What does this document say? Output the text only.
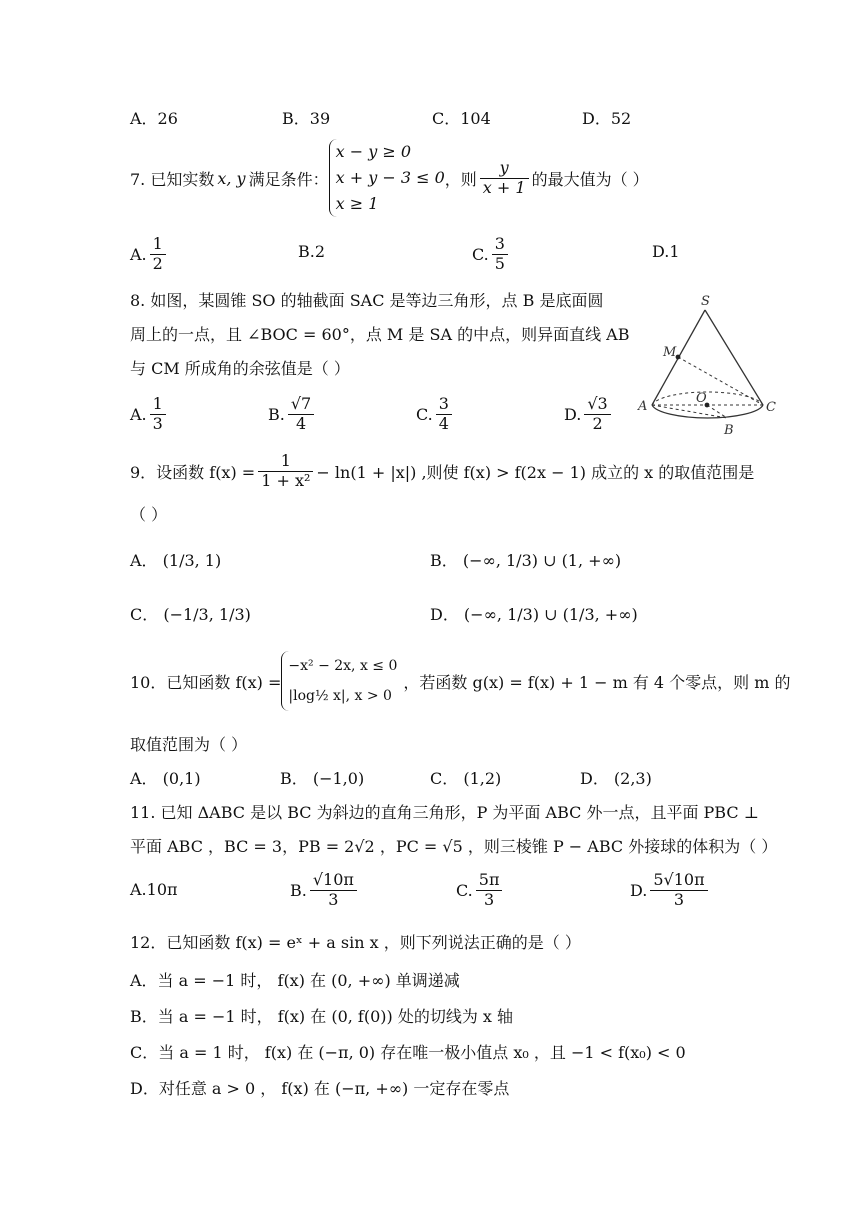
A．26	B．39	C．104	D．52
7. 已知实数 x, y 满足条件：
x − y ≥ 0
x + y − 3 ≤ 0
x ≥ 1
，则 $\frac{y}{x + 1}$ 的最大值为（ ）
A. $\frac{1}{2}$	B.2	C. $\frac{3}{5}$	D.1
8. 如图，某圆锥 SO 的轴截面 SAC 是等边三角形，点 B 是底面圆
周上的一点，且 ∠BOC = 60°，点 M 是 SA 的中点，则异面直线 AB
与 CM 所成角的余弦值是（ ）
A. $\frac{1}{3}$	B. $\frac{√7}{4}$	C. $\frac{3}{4}$	D. $\frac{√3}{2}$
S
M
A
O
C
B
9．设函数 $f(x) = \frac{1}{\text{1 + x²}} - \ln(1 + |x|)$ ,则使 f(x) > f(2x − 1) 成立的 x 的取值范围是
（ ）
A． (1/3, 1)	B． (−∞, 1/3) ∪ (1, +∞)
C． (−1/3, 1/3)	D． (−∞, 1/3) ∪ (1/3, +∞)
10．已知函数 f(x) =
−x² − 2x, x ≤ 0
|log½ x|, x > 0
，若函数 g(x) = f(x) + 1 − m 有 4 个零点，则 m 的
取值范围为（ ）
A． (0,1)	B． (−1,0)	C． (1,2)	D． (2,3)
11. 已知 ΔABC 是以 BC 为斜边的直角三角形，P 为平面 ABC 外一点，且平面 PBC ⊥
平面 ABC ，BC = 3，PB = 2√2 ，PC = √5 ，则三棱锥 P − ABC 外接球的体积为（ ）
A.10π	B. $\frac{√10\pi}{3}$	C. $\frac{5\pi}{3}$	D. $\frac{5√10\pi}{3}$
12．已知函数 f(x) = eˣ + a sin x ，则下列说法正确的是（ ）
A．当 a = −1 时， f(x) 在 (0, +∞) 单调递减
B．当 a = −1 时， f(x) 在 (0, f(0)) 处的切线为 x 轴
C．当 a = 1 时， f(x) 在 (−π, 0) 存在唯一极小值点 x₀ ，且 −1 < f(x₀) < 0
D．对任意 a > 0 ， f(x) 在 (−π, +∞) 一定存在零点
